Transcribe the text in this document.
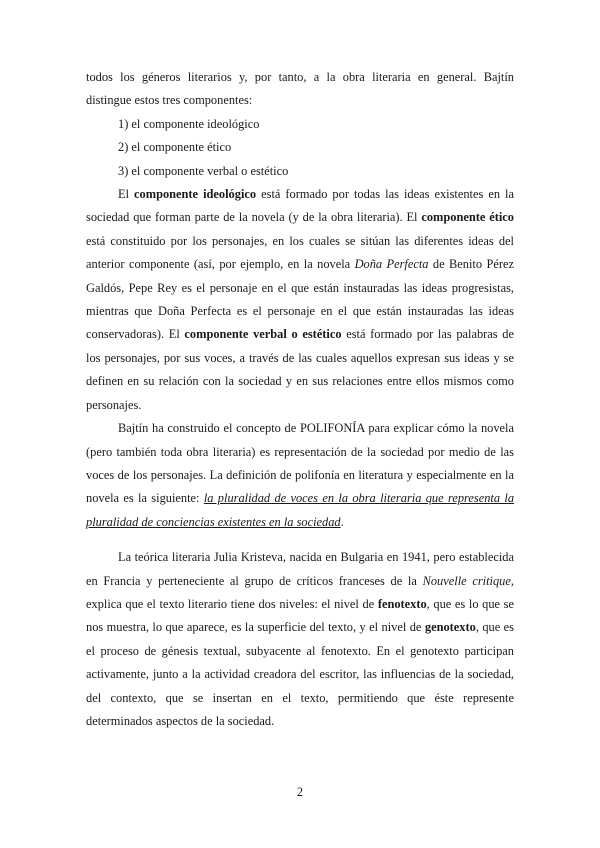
todos los géneros literarios y, por tanto, a la obra literaria en general. Bajtín
distingue estos tres componentes:

1) el componente ideológico

2) el componente ético

3) el componente verbal o estético

El componente ideológico está formado por todas las ideas existentes en la sociedad que forman parte de la novela (y de la obra literaria). El componente ético está constituido por los personajes, en los cuales se sitúan las diferentes ideas del anterior componente (así, por ejemplo, en la novela Doña Perfecta de Benito Pérez Galdós, Pepe Rey es el personaje en el que están instauradas las ideas progresistas, mientras que Doña Perfecta es el personaje en el que están instauradas las ideas conservadoras). El componente verbal o estético está formado por las palabras de los personajes, por sus voces, a través de las cuales aquellos expresan sus ideas y se definen en su relación con la sociedad y en sus relaciones entre ellos mismos como personajes.

Bajtín ha construido el concepto de POLIFONÍA para explicar cómo la novela (pero también toda obra literaria) es representación de la sociedad por medio de las voces de los personajes. La definición de polifonía en literatura y especialmente en la novela es la siguiente: la pluralidad de voces en la obra literaria que representa la pluralidad de conciencias existentes en la sociedad.

La teórica literaria Julia Kristeva, nacida en Bulgaria en 1941, pero establecida en Francia y perteneciente al grupo de críticos franceses de la Nouvelle critique, explica que el texto literario tiene dos niveles: el nivel de fenotexto, que es lo que se nos muestra, lo que aparece, es la superficie del texto, y el nivel de genotexto, que es el proceso de génesis textual, subyacente al fenotexto. En el genotexto participan activamente, junto a la actividad creadora del escritor, las influencias de la sociedad, del contexto, que se insertan en el texto, permitiendo que éste represente determinados aspectos de la sociedad.

2
